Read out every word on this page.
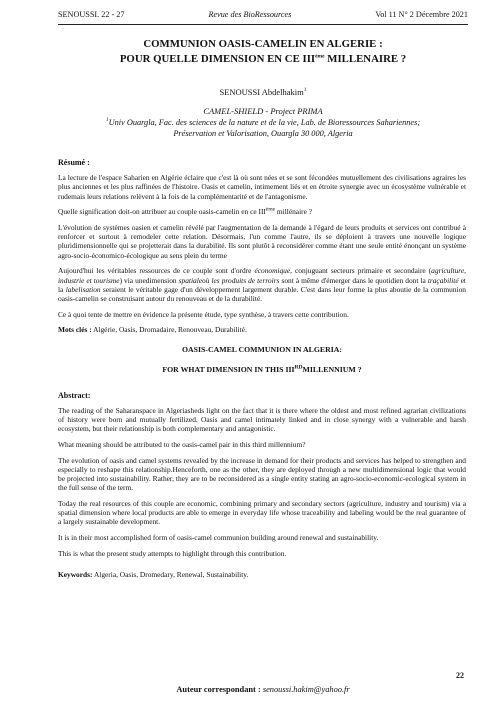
SENOUSSI. 22 - 27	Revue des BioRessources	Vol 11 N° 2 Décembre 2021
COMMUNION OASIS-CAMELIN EN ALGERIE :
POUR QUELLE DIMENSION EN CE IIIème MILLENAIRE ?
SENOUSSI Abdelhakim$^1$
CAMEL-SHIELD - Project PRIMA
$^1$Univ Ouargla, Fac. des sciences de la nature et de la vie, Lab. de Bioressources Sahariennes;
Préservation et Valorisation, Ouargla 30 000, Algeria

Résumé :

La lecture de l'espace Saharien en Algérie éclaire que c'est là où sont nées et se sont fécondées mutuellement des civilisations agraires les plus anciennes et les plus raffinées de l'histoire. Oasis et camelin, intimement liés et en étroite synergie avec un écosystème vulnérable et rudemais leurs relations relèvent à la fois de la complémentarité et de l'antagonisme.

Quelle signification doit-on attribuer au couple oasis-camelin en ce IIIème millénaire ?

L'évolution de systèmes oasien et camelin révélé par l'augmentation de la demande à l'égard de leurs produits et services ont contribué à renforcer et surtout à remodeler cette relation. Désormais, l'un comme l'autre, ils se déploient à travers une nouvelle logique pluridimensionnelle qui se projetterait dans la durabilité. Ils sont plutôt à reconsidérer comme étant une seule entité énonçant un système agro-socio-économico-écologique au sens plein du terme

Aujourd'hui les véritables ressources de ce couple sont d'ordre économique, conjuguant secteurs primaire et secondaire (agriculture, industrie et tourisme) via unedimension spatialeoù les produits de terroirs sont à même d'émerger dans le quotidien dont la traçabilité et la labelisation seraient le véritable gage d'un développement largement durable. C'est dans leur forme la plus aboutie de la communion oasis-camelin se construisant autour du renouveau et de la durabilité.

Ce à quoi tente de mettre en évidence la présente étude, type synthèse, à travers cette contribution.

Mots clés : Algérie, Oasis, Dromadaire, Renouveau, Durabilité.

OASIS-CAMEL COMMUNION IN ALGERIA:
FOR WHAT DIMENSION IN THIS IIIRDMILLENNIUM ?

Abstract:

The reading of the Saharanspace in Algeriasheds light on the fact that it is there where the oldest and most refined agrarian civilizations of history were born and mutually fertilized. Oasis and camel intimately linked and in close synergy with a vulnerable and harsh ecosystem, but their relationship is both complementary and antagonistic.

What meaning should be attributed to the oasis-camel pair in this third millennium?

The evolution of oasis and camel systems revealed by the increase in demand for their products and services has helped to strengthen and especially to reshape this relationship.Henceforth, one as the other, they are deployed through a new multidimensional logic that would be projected into sustainability. Rather, they are to be reconsidered as a single entity stating an agro-socio-economic-ecological system in the full sense of the term.

Today the real resources of this couple are economic, combining primary and secondary sectors (agriculture, industry and tourism) via a spatial dimension where local products are able to emerge in everyday life whose traceability and labeling would be the real guarantee of a largely sustainable development.

It is in their most accomplished form of oasis-camel communion building around renewal and sustainability.

This is what the present study attempts to highlight through this contribution.

Keywords: Algeria, Oasis, Dromedary, Renewal, Sustainability.

22
Auteur correspondant : senoussi.hakim@yahoo.fr
